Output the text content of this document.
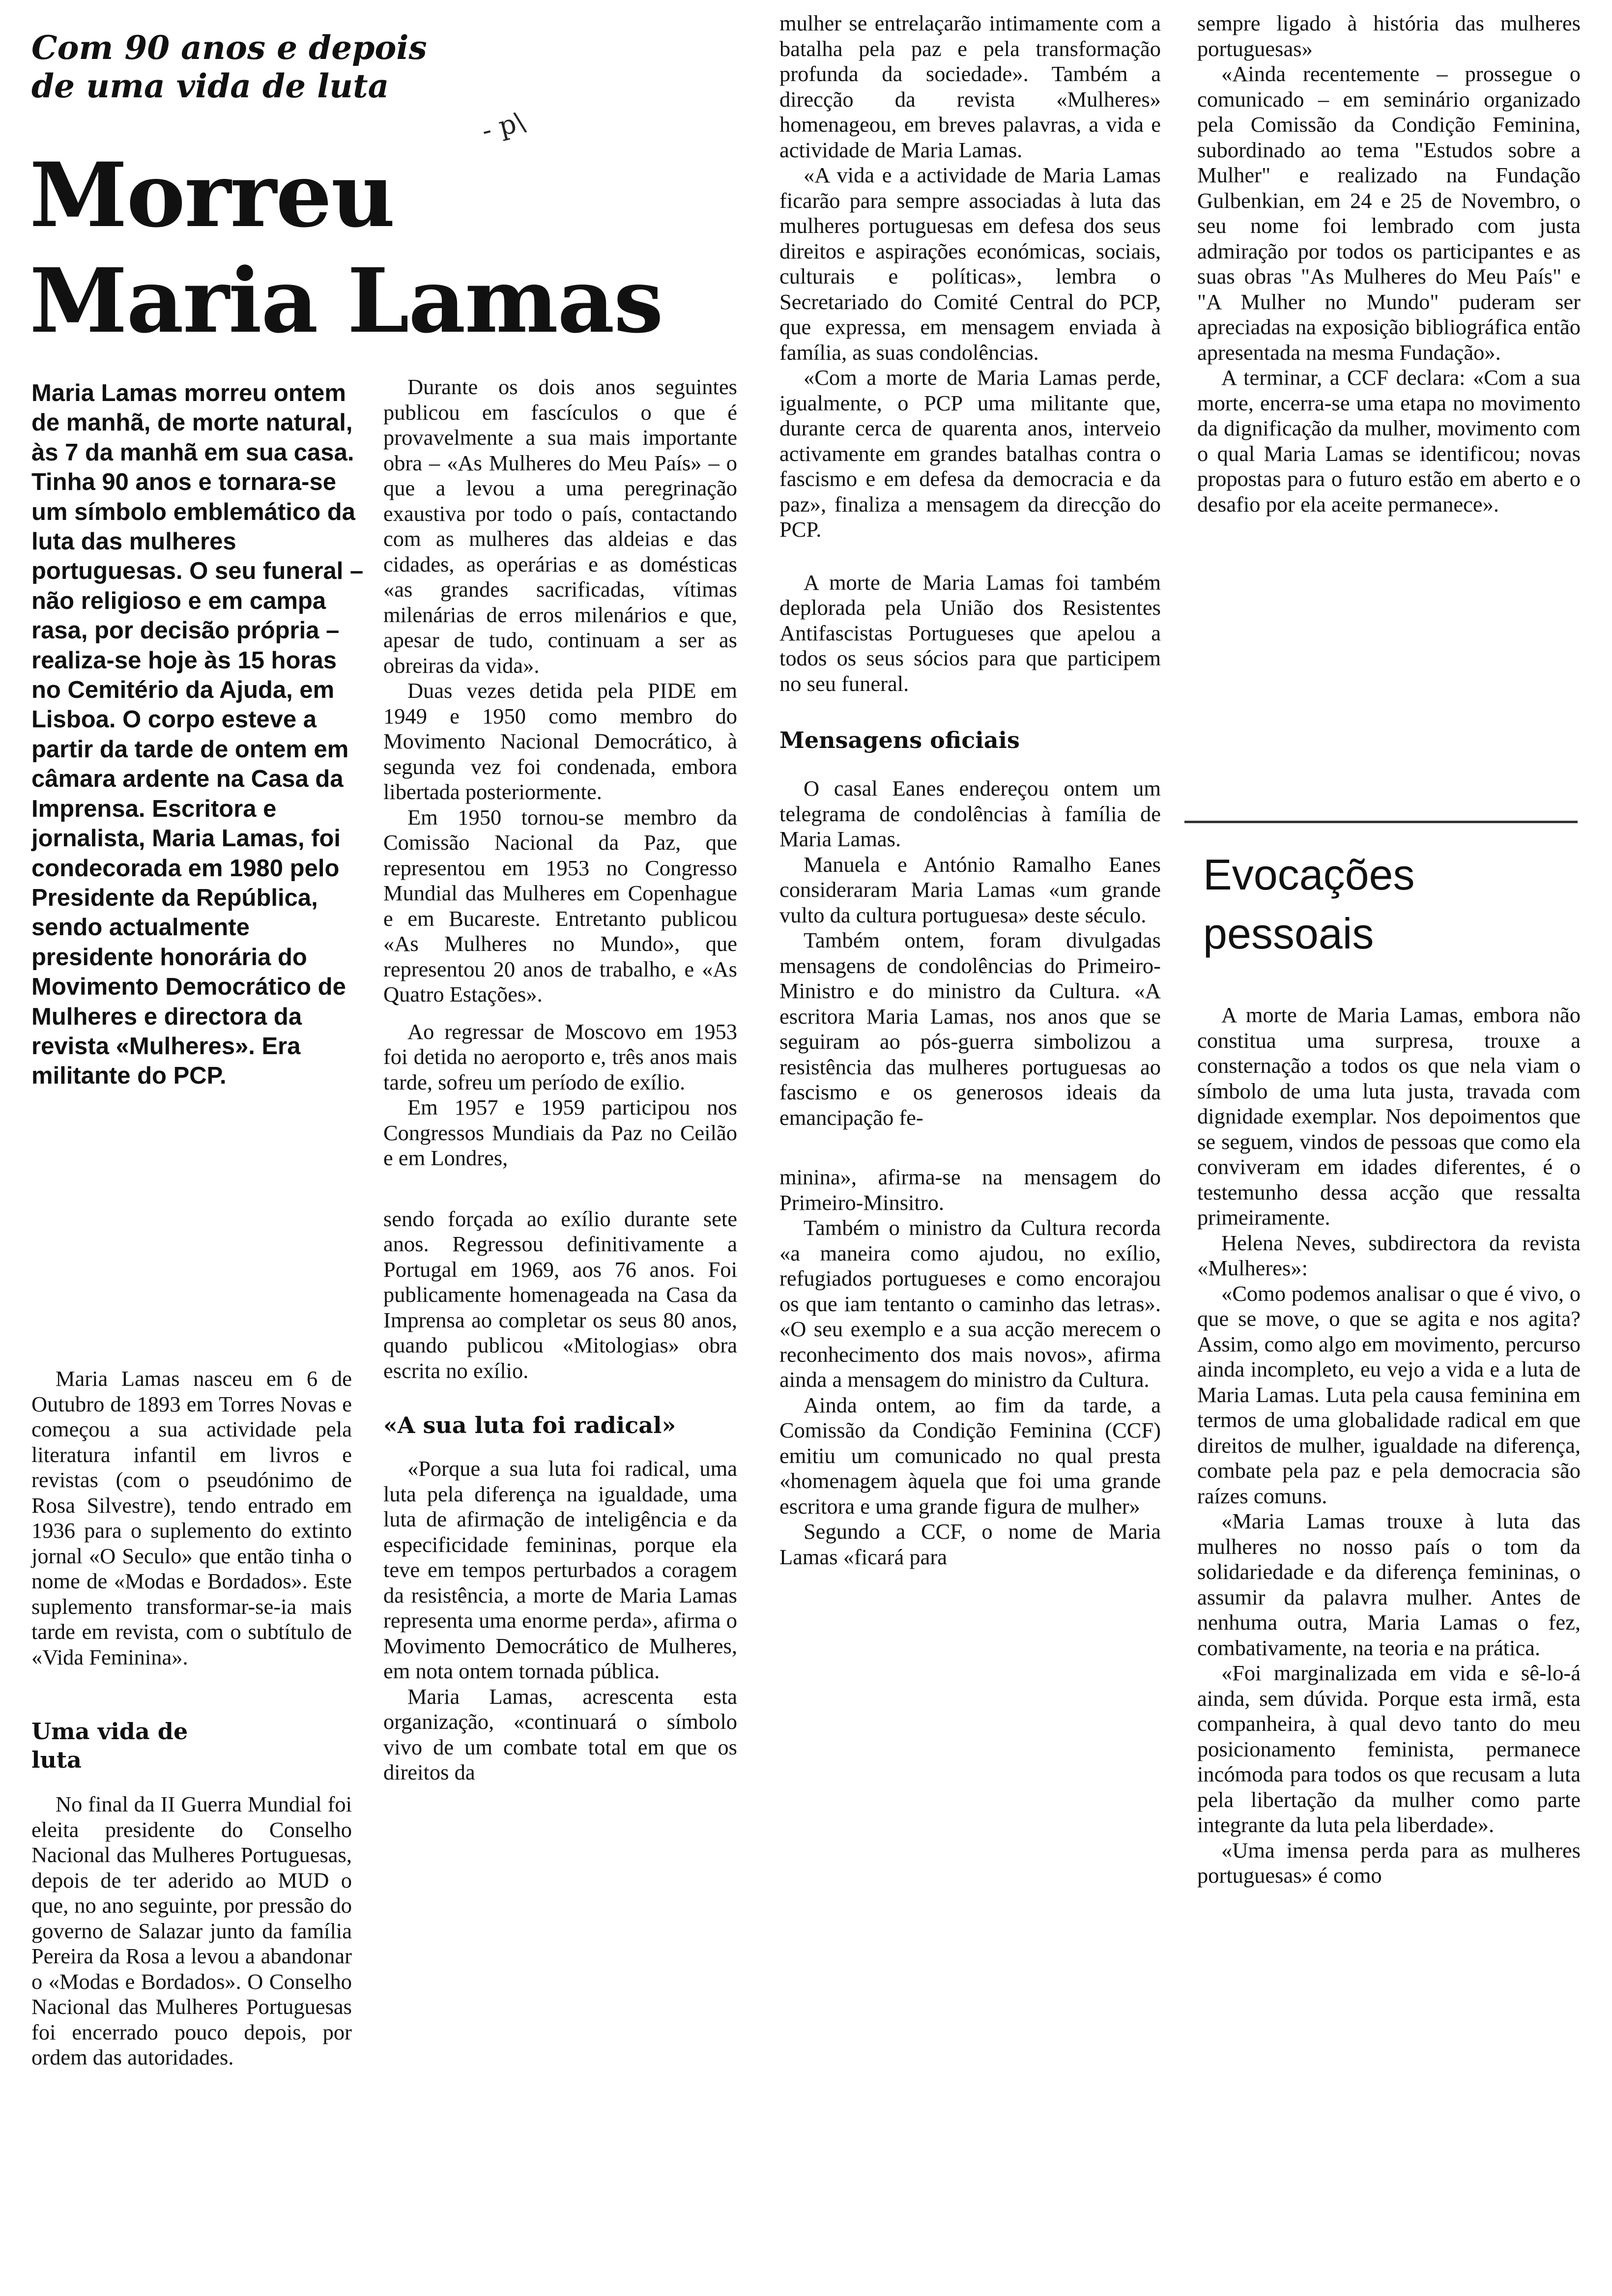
Com 90 anos e depois
de uma vida de luta
- p\
Morreu
Maria Lamas
Maria Lamas morreu ontem de manhã, de morte natural, às 7 da manhã em sua casa. Tinha 90 anos e tornara-se um símbolo emblemático da luta das mulheres portuguesas. O seu funeral – não religioso e em campa rasa, por decisão própria – realiza-se hoje às 15 horas no Cemitério da Ajuda, em Lisboa. O corpo esteve a partir da tarde de ontem em câmara ardente na Casa da Imprensa. Escritora e jornalista, Maria Lamas, foi condecorada em 1980 pelo Presidente da República, sendo actualmente presidente honorária do Movimento Democrático de Mulheres e directora da revista «Mulheres». Era militante do PCP.

Maria Lamas nasceu em 6 de Outubro de 1893 em Torres Novas e começou a sua actividade pela literatura infantil em livros e revistas (com o pseudónimo de Rosa Silvestre), tendo entrado em 1936 para o suplemento do extinto jornal «O Seculo» que então tinha o nome de «Modas e Bordados». Este suplemento transformar-se-ia mais tarde em revista, com o subtítulo de «Vida Feminina».

Uma vida de luta

No final da II Guerra Mundial foi eleita presidente do Conselho Nacional das Mulheres Portuguesas, depois de ter aderido ao MUD o que, no ano seguinte, por pressão do governo de Salazar junto da família Pereira da Rosa a levou a abandonar o «Modas e Bordados». O Conselho Nacional das Mulheres Portuguesas foi encerrado pouco depois, por ordem das autoridades.

Durante os dois anos seguintes publicou em fascículos o que é provavelmente a sua mais importante obra – «As Mulheres do Meu País» – o que a levou a uma peregrinação exaustiva por todo o país, contactando com as mulheres das aldeias e das cidades, as operárias e as domésticas «as grandes sacrificadas, vítimas milenárias de erros milenários e que, apesar de tudo, continuam a ser as obreiras da vida».

Duas vezes detida pela PIDE em 1949 e 1950 como membro do Movimento Nacional Democrático, à segunda vez foi condenada, embora libertada posteriormente.

Em 1950 tornou-se membro da Comissão Nacional da Paz, que representou em 1953 no Congresso Mundial das Mulheres em Copenhague e em Bucareste. Entretanto publicou «As Mulheres no Mundo», que representou 20 anos de trabalho, e «As Quatro Estações».

Ao regressar de Moscovo em 1953 foi detida no aeroporto e, três anos mais tarde, sofreu um período de exílio.

Em 1957 e 1959 participou nos Congressos Mundiais da Paz no Ceilão e em Londres,

sendo forçada ao exílio durante sete anos. Regressou definitivamente a Portugal em 1969, aos 76 anos. Foi publicamente homenageada na Casa da Imprensa ao completar os seus 80 anos, quando publicou «Mitologias» obra escrita no exílio.

«A sua luta foi radical»

«Porque a sua luta foi radical, uma luta pela diferença na igualdade, uma luta de afirmação de inteligência e da especificidade femininas, porque ela teve em tempos perturbados a coragem da resistência, a morte de Maria Lamas representa uma enorme perda», afirma o Movimento Democrático de Mulheres, em nota ontem tornada pública.

Maria Lamas, acrescenta esta organização, «continuará o símbolo vivo de um combate total em que os direitos da

mulher se entrelaçarão intimamente com a batalha pela paz e pela transformação profunda da sociedade». Também a direcção da revista «Mulheres» homenageou, em breves palavras, a vida e actividade de Maria Lamas.

«A vida e a actividade de Maria Lamas ficarão para sempre associadas à luta das mulheres portuguesas em defesa dos seus direitos e aspirações económicas, sociais, culturais e políticas», lembra o Secretariado do Comité Central do PCP, que expressa, em mensagem enviada à família, as suas condolências.

«Com a morte de Maria Lamas perde, igualmente, o PCP uma militante que, durante cerca de quarenta anos, interveio activamente em grandes batalhas contra o fascismo e em defesa da democracia e da paz», finaliza a mensagem da direcção do PCP.

A morte de Maria Lamas foi também deplorada pela União dos Resistentes Antifascistas Portugueses que apelou a todos os seus sócios para que participem no seu funeral.

Mensagens oficiais

O casal Eanes endereçou ontem um telegrama de condolências à família de Maria Lamas.

Manuela e António Ramalho Eanes consideraram Maria Lamas «um grande vulto da cultura portuguesa» deste século.

Também ontem, foram divulgadas mensagens de condolências do Primeiro-Ministro e do ministro da Cultura. «A escritora Maria Lamas, nos anos que se seguiram ao pós-guerra simbolizou a resistência das mulheres portuguesas ao fascismo e os generosos ideais da emancipação fe-

minina», afirma-se na mensagem do Primeiro-Minsitro.

Também o ministro da Cultura recorda «a maneira como ajudou, no exílio, refugiados portugueses e como encorajou os que iam tentanto o caminho das letras». «O seu exemplo e a sua acção merecem o reconhecimento dos mais novos», afirma ainda a mensagem do ministro da Cultura.

Ainda ontem, ao fim da tarde, a Comissão da Condição Feminina (CCF) emitiu um comunicado no qual presta «homenagem àquela que foi uma grande escritora e uma grande figura de mulher»

Segundo a CCF, o nome de Maria Lamas «ficará para

sempre ligado à história das mulheres portuguesas»

«Ainda recentemente – prossegue o comunicado – em seminário organizado pela Comissão da Condição Feminina, subordinado ao tema "Estudos sobre a Mulher" e realizado na Fundação Gulbenkian, em 24 e 25 de Novembro, o seu nome foi lembrado com justa admiração por todos os participantes e as suas obras "As Mulheres do Meu País" e "A Mulher no Mundo" puderam ser apreciadas na exposição bibliográfica então apresentada na mesma Fundação».

A terminar, a CCF declara: «Com a sua morte, encerra-se uma etapa no movimento da dignificação da mulher, movimento com o qual Maria Lamas se identificou; novas propostas para o futuro estão em aberto e o desafio por ela aceite permanece».

Evocações pessoais

A morte de Maria Lamas, embora não constitua uma surpresa, trouxe a consternação a todos os que nela viam o símbolo de uma luta justa, travada com dignidade exemplar. Nos depoimentos que se seguem, vindos de pessoas que como ela conviveram em idades diferentes, é o testemunho dessa acção que ressalta primeiramente.

Helena Neves, subdirectora da revista «Mulheres»:

«Como podemos analisar o que é vivo, o que se move, o que se agita e nos agita? Assim, como algo em movimento, percurso ainda incompleto, eu vejo a vida e a luta de Maria Lamas. Luta pela causa feminina em termos de uma globalidade radical em que direitos de mulher, igualdade na diferença, combate pela paz e pela democracia são raízes comuns.

«Maria Lamas trouxe à luta das mulheres no nosso país o tom da solidariedade e da diferença femininas, o assumir da palavra mulher. Antes de nenhuma outra, Maria Lamas o fez, combativamente, na teoria e na prática.

«Foi marginalizada em vida e sê-lo-á ainda, sem dúvida. Porque esta irmã, esta companheira, à qual devo tanto do meu posicionamento feminista, permanece incómoda para todos os que recusam a luta pela libertação da mulher como parte integrante da luta pela liberdade».

«Uma imensa perda para as mulheres portuguesas» é como
